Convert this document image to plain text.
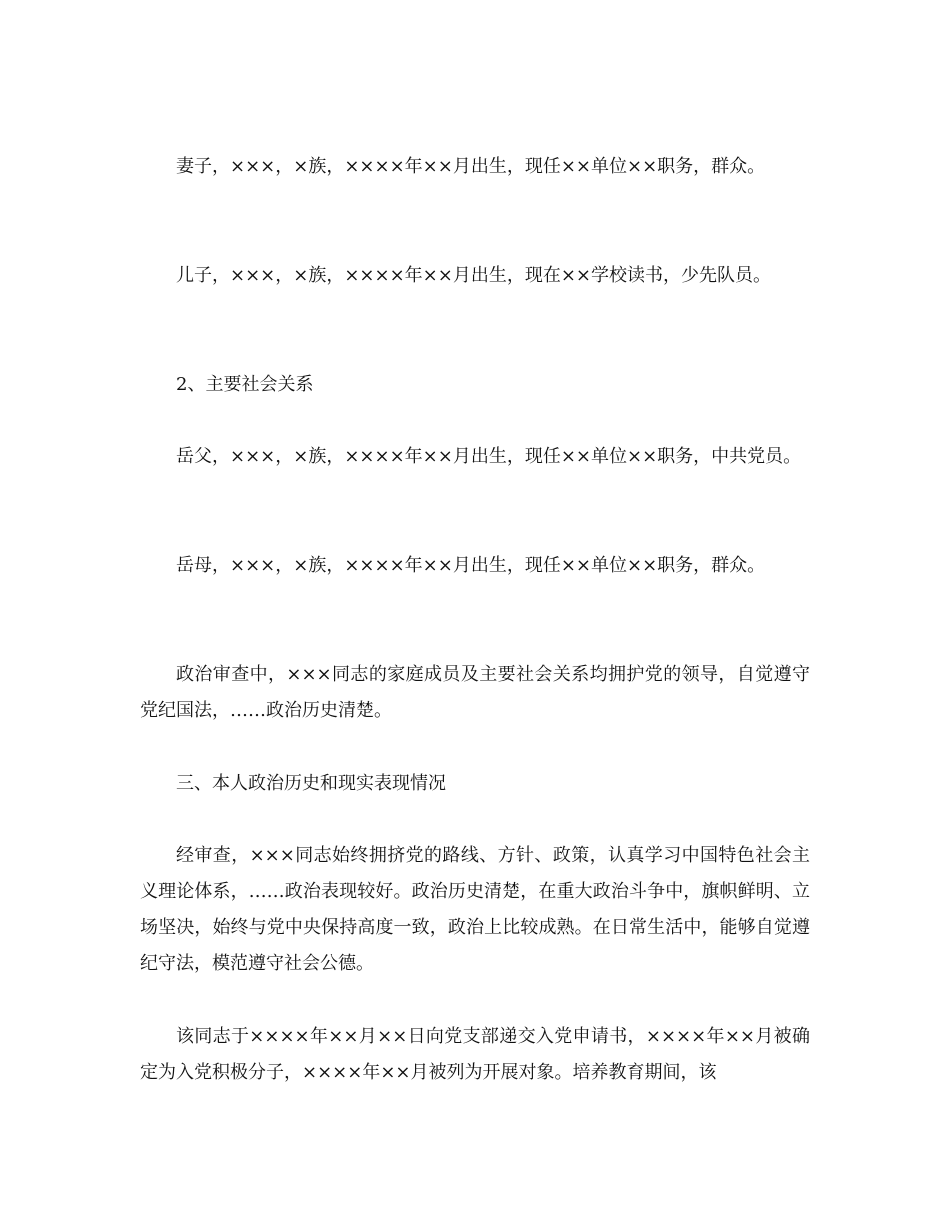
妻子，×××，×族，××××年××月出生，现任××单位××职务，群众。

儿子，×××，×族，××××年××月出生，现在××学校读书，少先队员。

2、主要社会关系

岳父，×××，×族，××××年××月出生，现任××单位××职务，中共党员。

岳母，×××，×族，××××年××月出生，现任××单位××职务，群众。

政治审查中，×××同志的家庭成员及主要社会关系均拥护党的领导，自觉遵守党纪国法，……政治历史清楚。

三、本人政治历史和现实表现情况

经审查，×××同志始终拥挤党的路线、方针、政策，认真学习中国特色社会主义理论体系，……政治表现较好。政治历史清楚，在重大政治斗争中，旗帜鲜明、立场坚决，始终与党中央保持高度一致，政治上比较成熟。在日常生活中，能够自觉遵纪守法，模范遵守社会公德。

该同志于××××年××月××日向党支部递交入党申请书，××××年××月被确定为入党积极分子，××××年××月被列为开展对象。培养教育期间，该
